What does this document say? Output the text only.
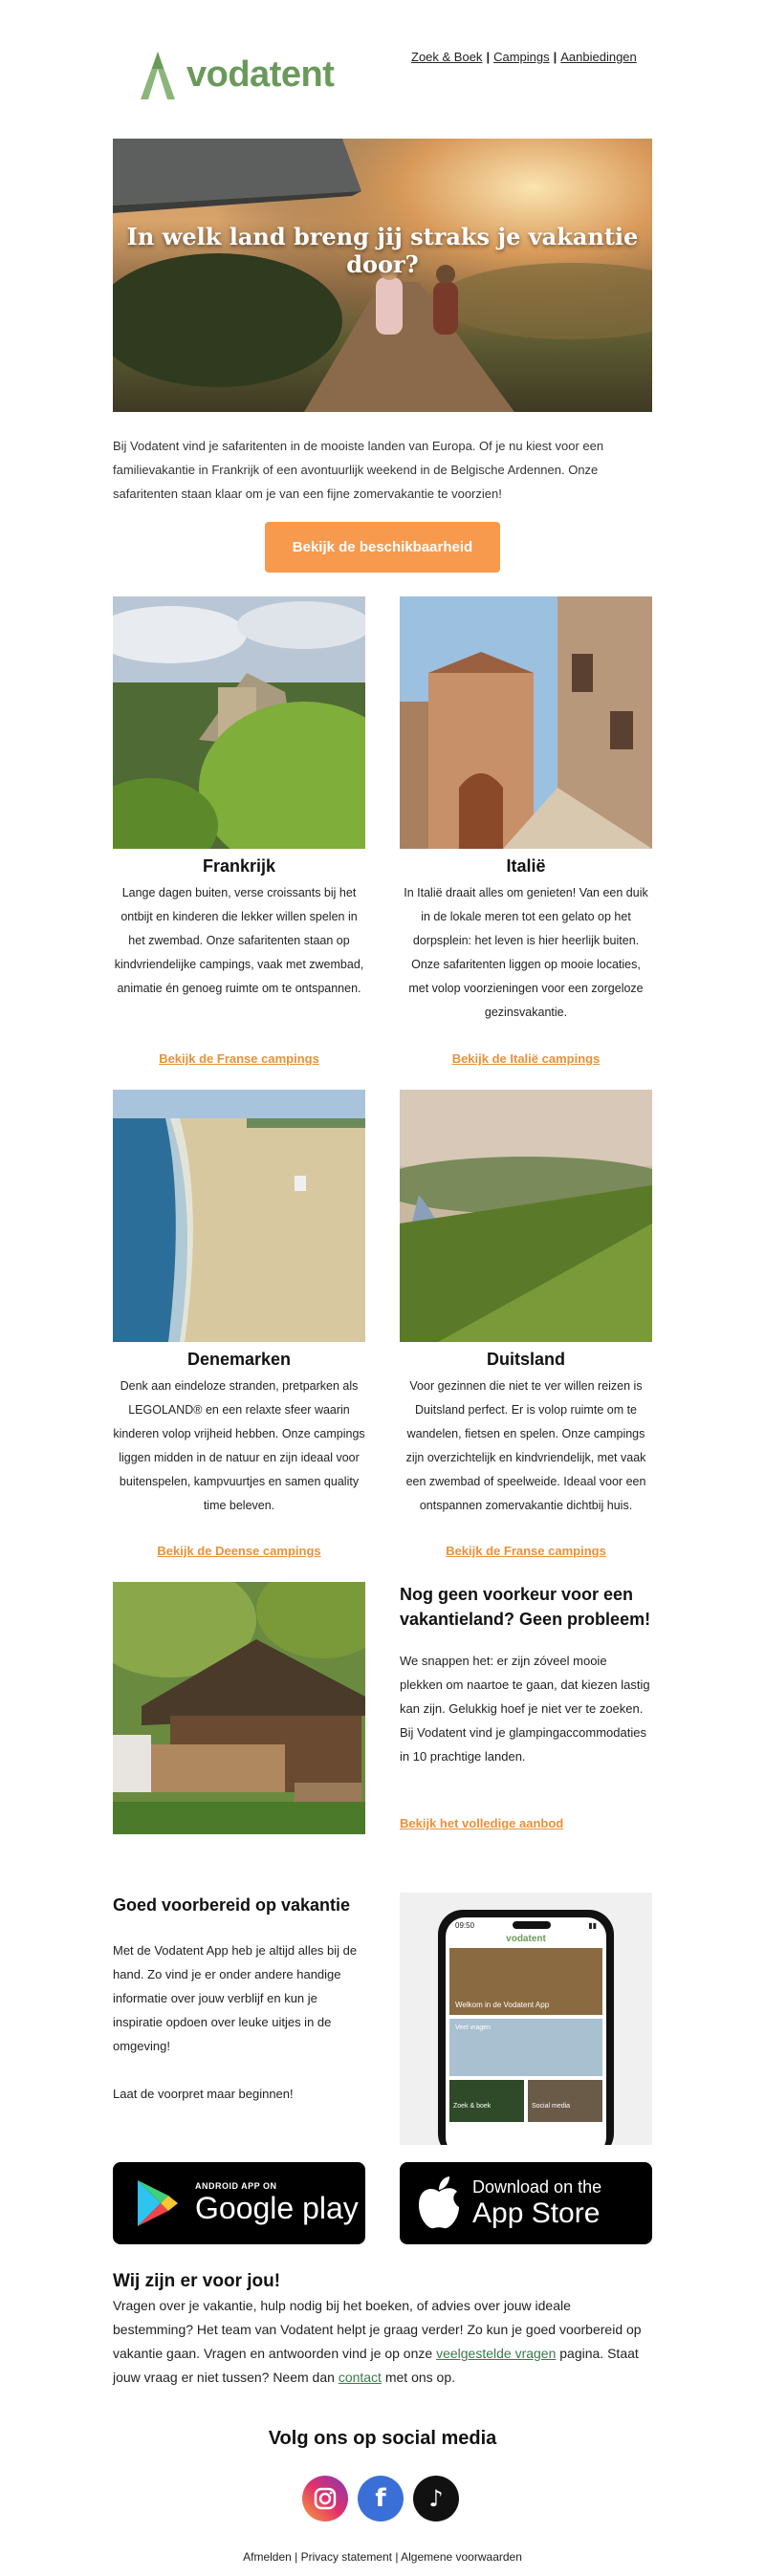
vodatent	Zoek & Boek | Campings | Aanbiedingen
In welk land breng jij straks je vakantie door?

Bij Vodatent vind je safaritenten in de mooiste landen van Europa. Of je nu kiest voor een familievakantie in Frankrijk of een avontuurlijk weekend in de Belgische Ardennen. Onze safaritenten staan klaar om je van een fijne zomervakantie te voorzien!

Bekijk de beschikbaarheid
Frankrijk

Lange dagen buiten, verse croissants bij het ontbijt en kinderen die lekker willen spelen in het zwembad. Onze safaritenten staan op kindvriendelijke campings, vaak met zwembad, animatie én genoeg ruimte om te ontspannen.

Bekijk de Franse campings
Italië

In Italië draait alles om genieten! Van een duik in de lokale meren tot een gelato op het dorpsplein: het leven is hier heerlijk buiten. Onze safaritenten liggen op mooie locaties, met volop voorzieningen voor een zorgeloze gezinsvakantie.

Bekijk de Italië campings
Denemarken

Denk aan eindeloze stranden, pretparken als LEGOLAND® en een relaxte sfeer waarin kinderen volop vrijheid hebben. Onze campings liggen midden in de natuur en zijn ideaal voor buitenspelen, kampvuurtjes en samen quality time beleven.

Bekijk de Deense campings
Duitsland

Voor gezinnen die niet te ver willen reizen is Duitsland perfect. Er is volop ruimte om te wandelen, fietsen en spelen. Onze campings zijn overzichtelijk en kindvriendelijk, met vaak een zwembad of speelweide. Ideaal voor een ontspannen zomervakantie dichtbij huis.

Bekijk de Franse campings
Nog geen voorkeur voor een vakantieland? Geen probleem!

We snappen het: er zijn zóveel mooie plekken om naartoe te gaan, dat kiezen lastig kan zijn. Gelukkig hoef je niet ver te zoeken. Bij Vodatent vind je glampingaccommodaties in 10 prachtige landen.

Bekijk het volledige aanbod
Goed voorbereid op vakantie

Met de Vodatent App heb je altijd alles bij de hand. Zo vind je er onder andere handige informatie over jouw verblijf en kun je inspiratie opdoen over leuke uitjes in de omgeving!

Laat de voorpret maar beginnen!

09:50	▮▮
vodatent
Welkom in de Vodatent App
Veel vragen
Zoek & boek	Social media
ANDROID APP ON
Google play
Download on the
App Store
Wij zijn er voor jou!

Vragen over je vakantie, hulp nodig bij het boeken, of advies over jouw ideale bestemming? Het team van Vodatent helpt je graag verder! Zo kun je goed voorbereid op vakantie gaan. Vragen en antwoorden vind je op onze veelgestelde vragen pagina. Staat jouw vraag er niet tussen? Neem dan contact met ons op.

Volg ons op social media
f ♪
Afmelden | Privacy statement | Algemene voorwaarden
